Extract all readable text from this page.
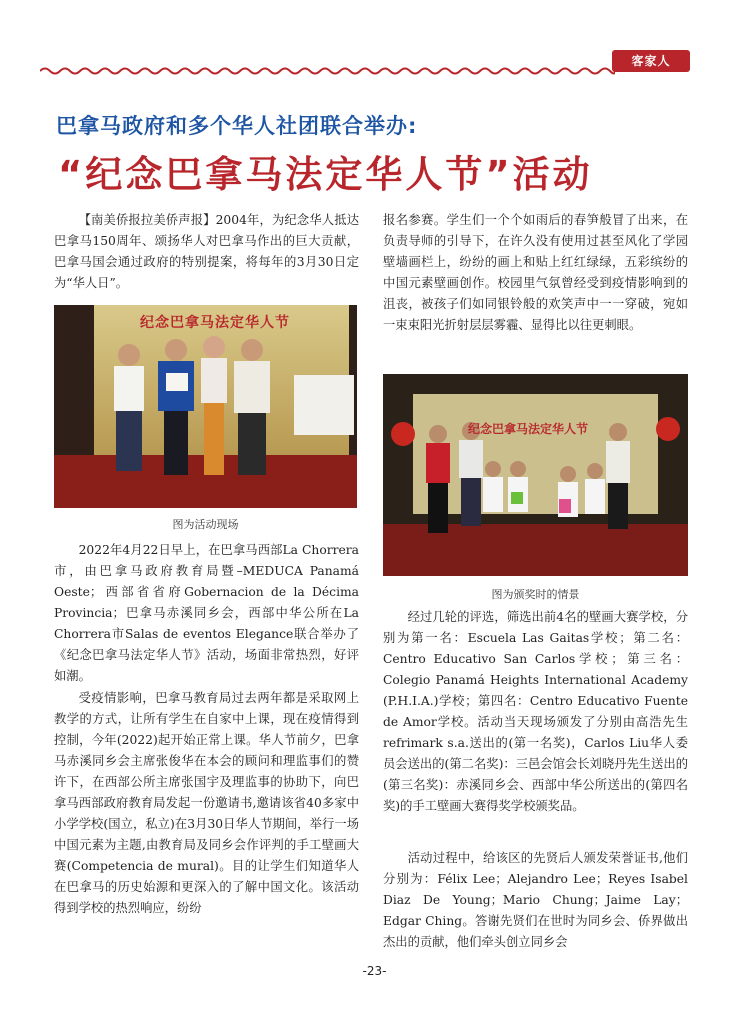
客家人
巴拿马政府和多个华人社团联合举办:
“纪念巴拿马法定华人节”活动

【南美侨报拉美侨声报】2004年，为纪念华人抵达巴拿马150周年、颂扬华人对巴拿马作出的巨大贡献，巴拿马国会通过政府的特别提案，将每年的3月30日定为“华人日”。

纪念巴拿马法定华人节
图为活动现场

2022年4月22日早上，在巴拿马西部La Chorrera市，由巴拿马政府教育局暨–MEDUCA Panamá Oeste；西部省省府Gobernacion de la Décima Provincia；巴拿马赤溪同乡会，西部中华公所在La Chorrera市Salas de eventos Elegance联合举办了《纪念巴拿马法定华人节》活动，场面非常热烈，好评如潮。

受疫情影响，巴拿马教育局过去两年都是采取网上教学的方式，让所有学生在自家中上课，现在疫情得到控制，今年(2022)起开始正常上课。华人节前夕，巴拿马赤溪同乡会主席张俊华在本会的顾问和理监事们的赞许下，在西部公所主席张国宇及理监事的协助下，向巴拿马西部政府教育局发起一份邀请书,邀请该省40多家中小学学校(国立，私立)在3月30日华人节期间，举行一场中国元素为主题,由教育局及同乡会作评判的手工壁画大赛(Competencia de mural)。目的让学生们知道华人在巴拿马的历史始源和更深入的了解中国文化。该活动得到学校的热烈响应，纷纷

报名参赛。学生们一个个如雨后的春笋般冒了出来，在负责导师的引导下，在许久没有使用过甚至风化了学园壁墙画栏上，纷纷的画上和贴上红红绿绿，五彩缤纷的中国元素壁画创作。校园里气氛曾经受到疫情影响到的沮丧，被孩子们如同银铃般的欢笑声中一一穿破，宛如一束束阳光折射层层雾霾、显得比以往更刺眼。

纪念巴拿马法定华人节
图为颁奖时的情景

经过几轮的评选，筛选出前4名的壁画大赛学校，分别为第一名：Escuela Las Gaitas学校；第二名：Centro Educativo San Carlos学校；第三名：Colegio Panamá Heights International Academy (P.H.I.A.)学校；第四名：Centro Educativo Fuente de Amor学校。活动当天现场颁发了分别由高浩先生refrimark s.a.送出的(第一名奖)，Carlos Liu华人委员会送出的(第二名奖)：三邑会馆会长刘晓丹先生送出的(第三名奖)：赤溪同乡会、西部中华公所送出的(第四名奖)的手工壁画大赛得奖学校颁奖品。

活动过程中，给该区的先贤后人颁发荣誉证书,他们分别为：Félix Lee；Alejandro Lee；Reyes Isabel Diaz De Young；Mario Chung；Jaime Lay；Edgar Ching。答谢先贤们在世时为同乡会、侨界做出杰出的贡献，他们牵头创立同乡会

-23-
